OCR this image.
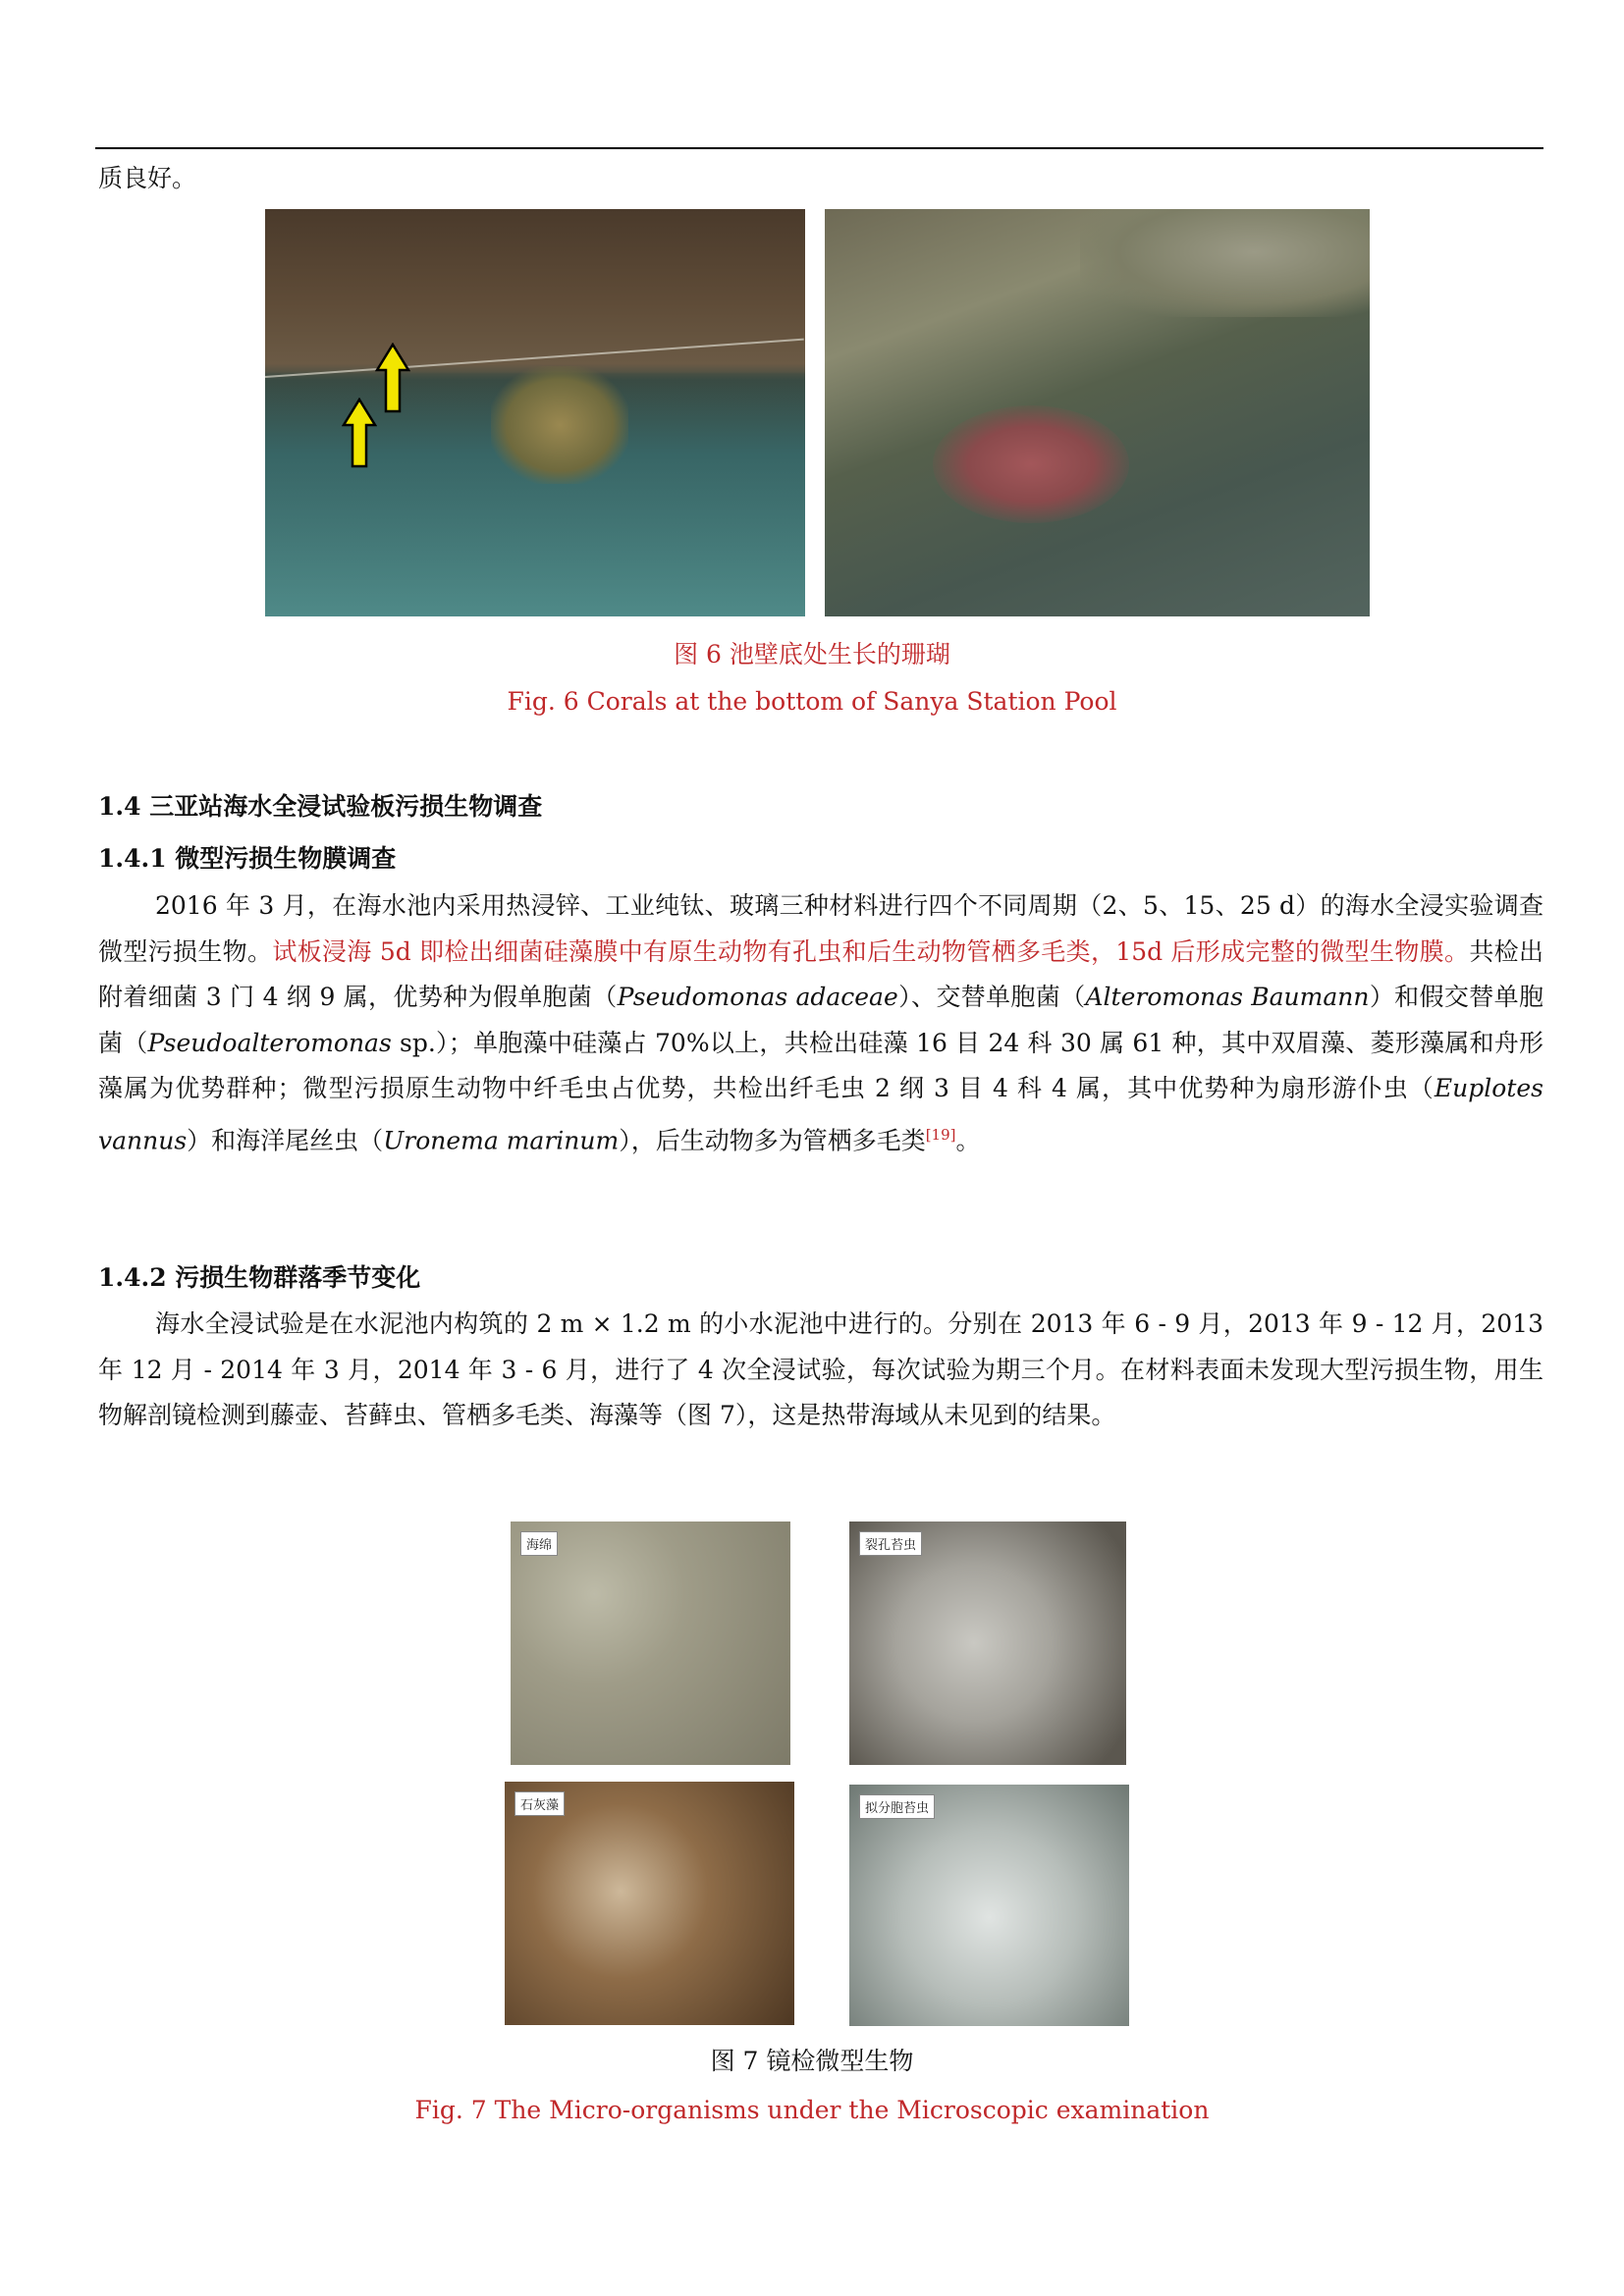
质良好。
图 6 池壁底处生长的珊瑚
Fig. 6 Corals at the bottom of Sanya Station Pool
1.4 三亚站海水全浸试验板污损生物调查
1.4.1 微型污损生物膜调查
2016 年 3 月，在海水池内采用热浸锌、工业纯钛、玻璃三种材料进行四个不同周期（2、5、15、25 d）的海水全浸实验调查微型污损生物。试板浸海 5d 即检出细菌硅藻膜中有原生动物有孔虫和后生动物管栖多毛类，15d 后形成完整的微型生物膜。共检出附着细菌 3 门 4 纲 9 属，优势种为假单胞菌（Pseudomonas adaceae）、交替单胞菌（Alteromonas Baumann）和假交替单胞菌（Pseudoalteromonas sp.）；单胞藻中硅藻占 70%以上，共检出硅藻 16 目 24 科 30 属 61 种，其中双眉藻、菱形藻属和舟形藻属为优势群种；微型污损原生动物中纤毛虫占优势，共检出纤毛虫 2 纲 3 目 4 科 4 属，其中优势种为扇形游仆虫（Euplotes vannus）和海洋尾丝虫（Uronema marinum），后生动物多为管栖多毛类[19]。
1.4.2 污损生物群落季节变化
海水全浸试验是在水泥池内构筑的 2 m × 1.2 m 的小水泥池中进行的。分别在 2013 年 6 - 9 月，2013 年 9 - 12 月，2013 年 12 月 - 2014 年 3 月，2014 年 3 - 6 月，进行了 4 次全浸试验，每次试验为期三个月。在材料表面未发现大型污损生物，用生物解剖镜检测到藤壶、苔藓虫、管栖多毛类、海藻等（图 7），这是热带海域从未见到的结果。
海绵	裂孔苔虫
石灰藻	拟分胞苔虫
图 7 镜检微型生物
Fig. 7 The Micro-organisms under the Microscopic examination
